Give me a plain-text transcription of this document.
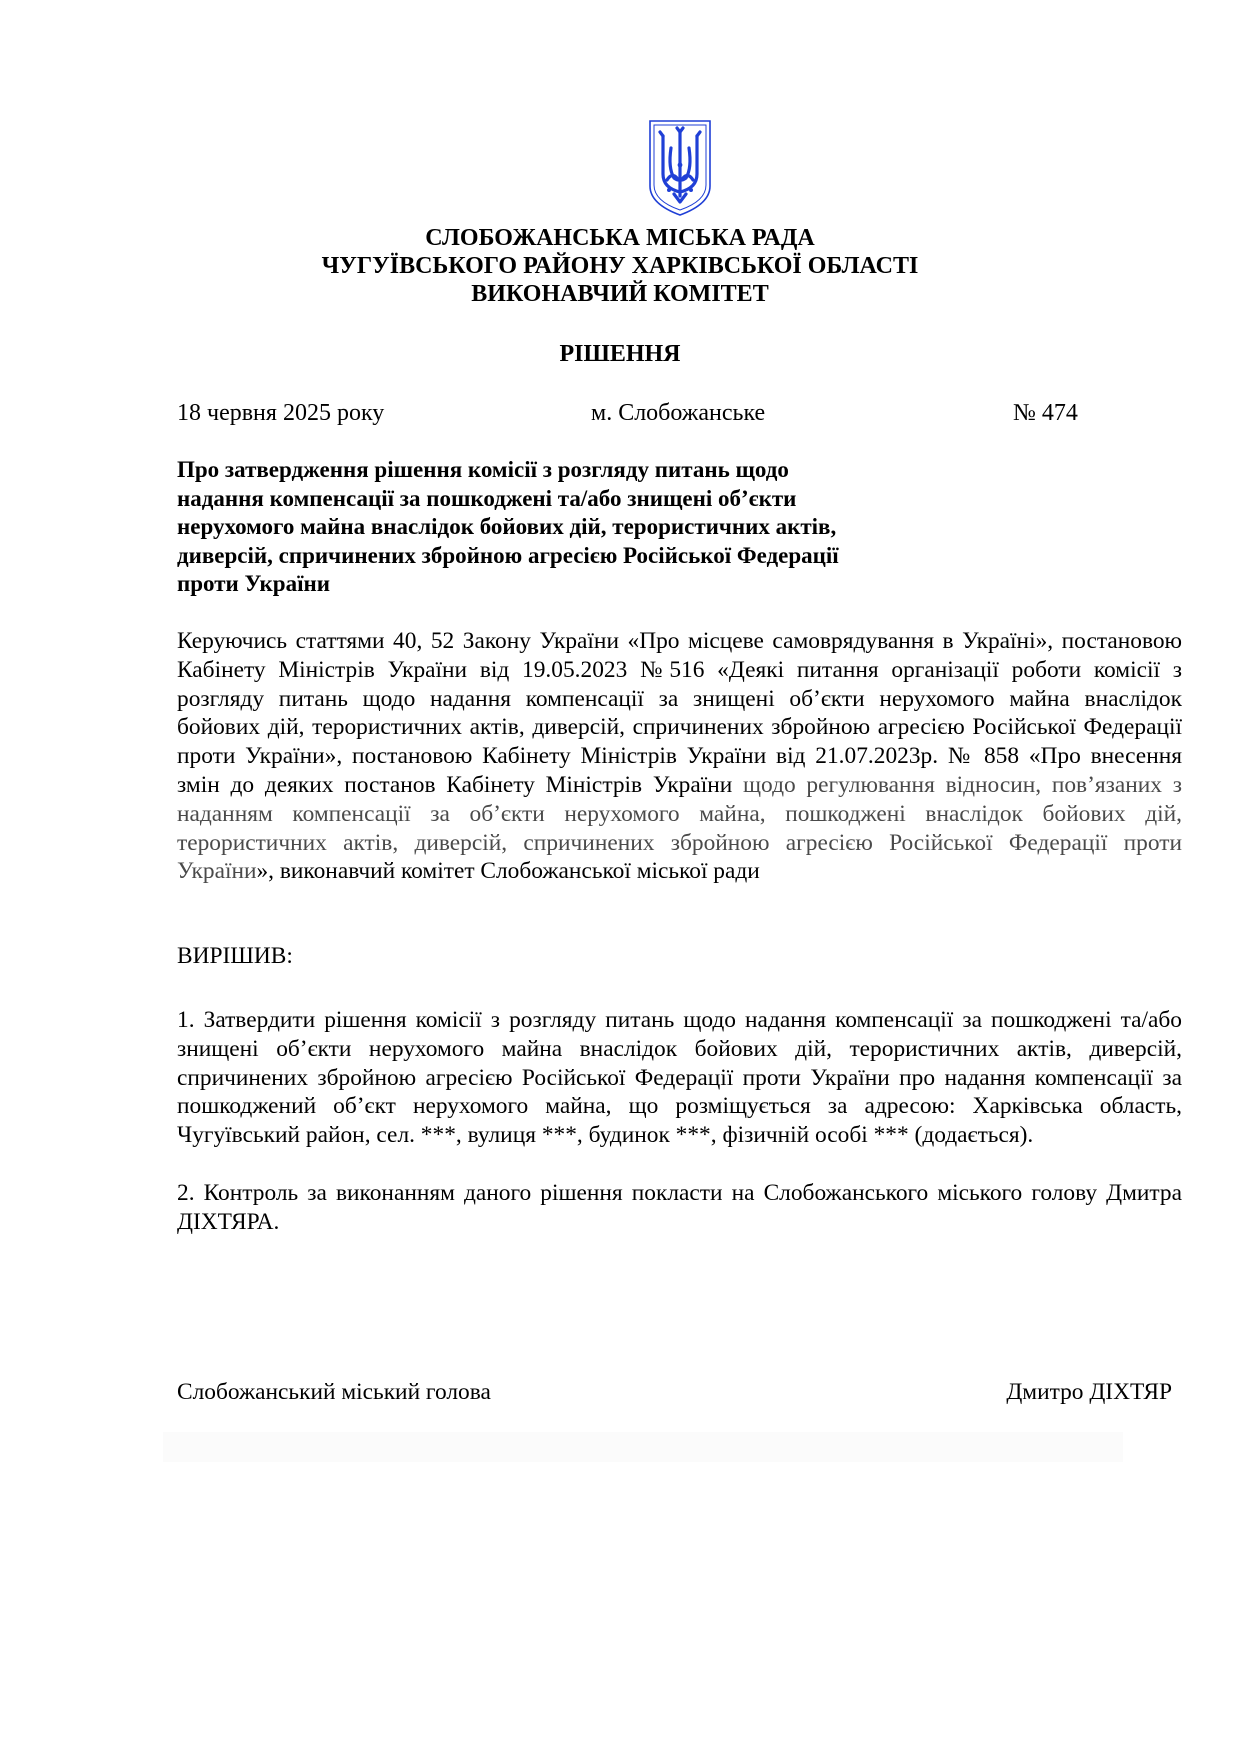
СЛОБОЖАНСЬКА МІСЬКА РАДА
ЧУГУЇВСЬКОГО РАЙОНУ ХАРКІВСЬКОЇ ОБЛАСТІ
ВИКОНАВЧИЙ КОМІТЕТ
РІШЕННЯ
18 червня 2025 року	м. Слобожанське	№ 474
Про затвердження рішення комісії з розгляду питань щодо надання компенсації за пошкоджені та/або знищені об’єкти нерухомого майна внаслідок бойових дій, терористичних актів, диверсій, спричинених збройною агресією Російської Федерації проти України
Керуючись статтями 40, 52 Закону України «Про місцеве самоврядування в Україні», постановою Кабінету Міністрів України від 19.05.2023 №516 «Деякі питання організації роботи комісії з розгляду питань щодо надання компенсації за знищені об’єкти нерухомого майна внаслідок бойових дій, терористичних актів, диверсій, спричинених збройною агресією Російської Федерації проти України», постановою Кабінету Міністрів України від 21.07.2023р. № 858 «Про внесення змін до деяких постанов Кабінету Міністрів України щодо регулювання відносин, пов’язаних з наданням компенсації за об’єкти нерухомого майна, пошкоджені внаслідок бойових дій, терористичних актів, диверсій, спричинених збройною агресією Російської Федерації проти України», виконавчий комітет Слобожанської міської ради
ВИРІШИВ:
1. Затвердити рішення комісії з розгляду питань щодо надання компенсації за пошкоджені та/або знищені об’єкти нерухомого майна внаслідок бойових дій, терористичних актів, диверсій, спричинених збройною агресією Російської Федерації проти України про надання компенсації за пошкоджений об’єкт нерухомого майна, що розміщується за адресою: Харківська область, Чугуївський район, сел. ***, вулиця ***, будинок ***, фізичній особі *** (додається).
2. Контроль за виконанням даного рішення покласти на Слобожанського міського голову Дмитра ДІХТЯРА.
Слобожанський міський голова	Дмитро ДІХТЯР
